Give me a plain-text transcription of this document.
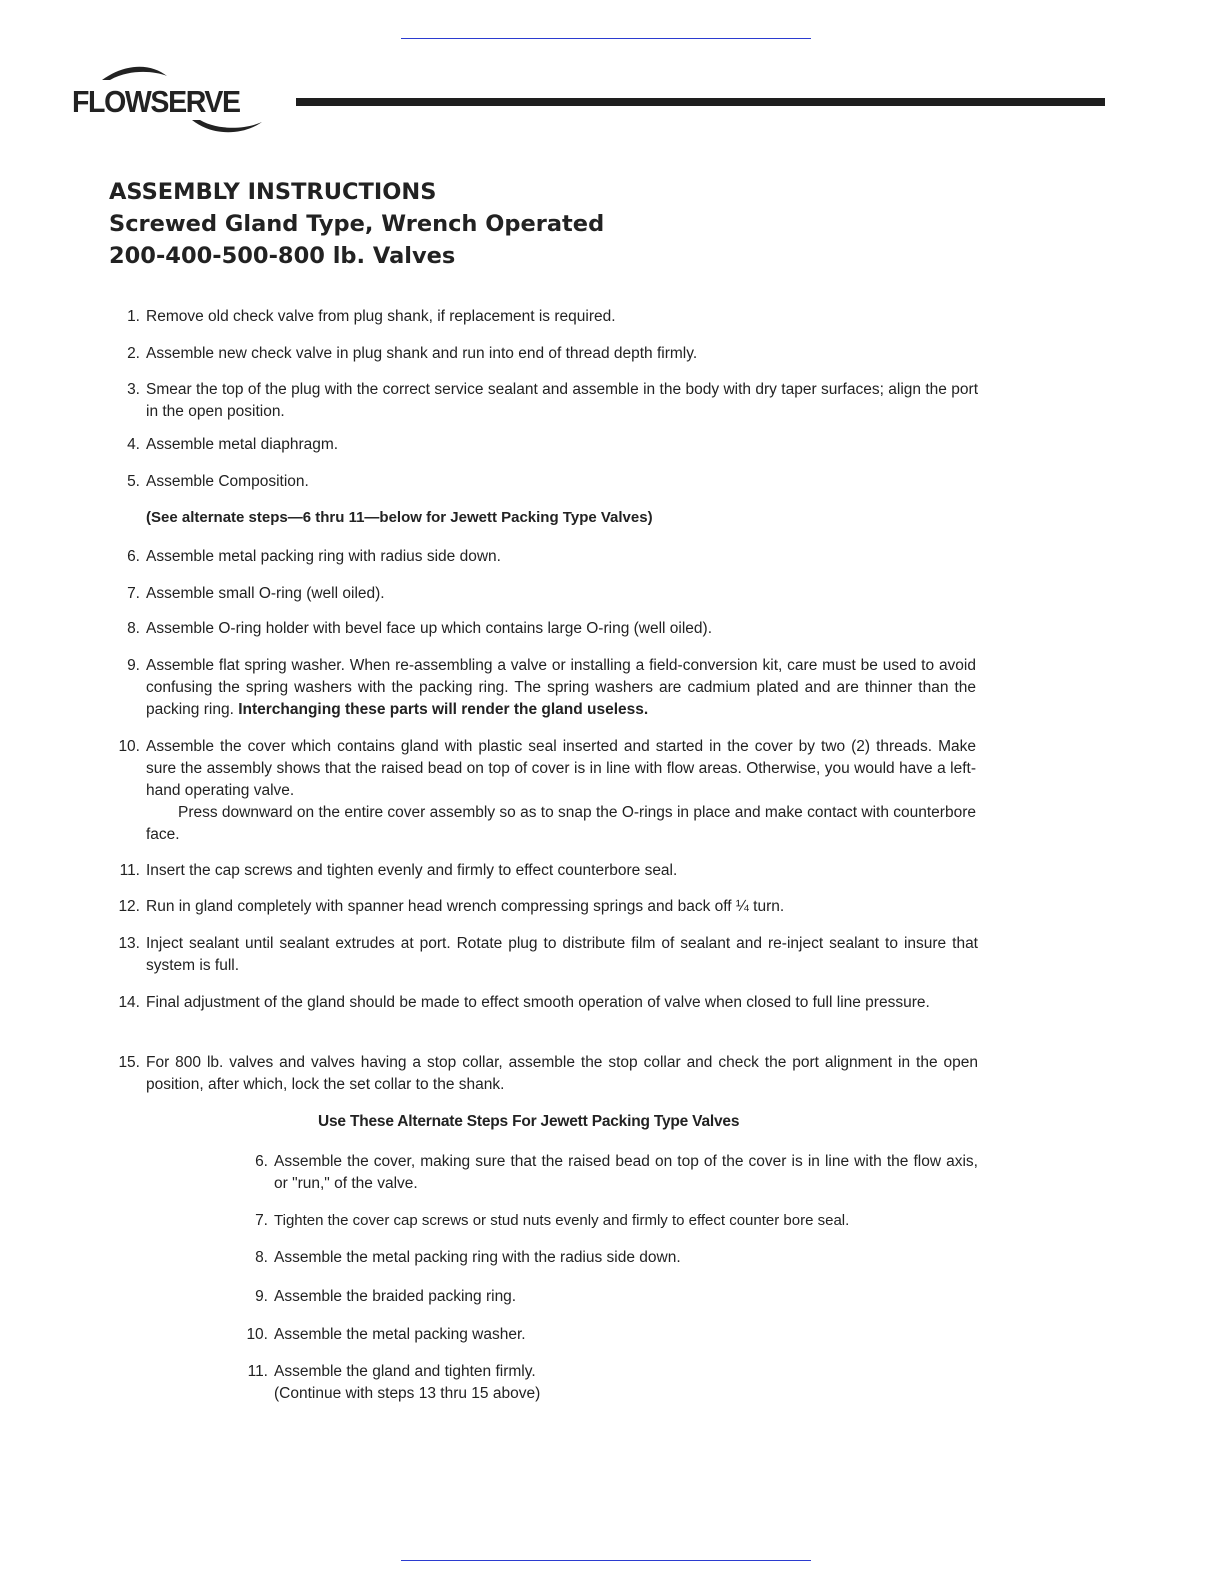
FLOWSERVE
ASSEMBLY INSTRUCTIONS
Screwed Gland Type, Wrench Operated
200-400-500-800 lb. Valves
1. Remove old check valve from plug shank, if replacement is required.
2. Assemble new check valve in plug shank and run into end of thread depth firmly.
3. Smear the top of the plug with the correct service sealant and assemble in the body with dry taper surfaces; align the port in the open position.
4. Assemble metal diaphragm.
5. Assemble Composition.
(See alternate steps—6 thru 11—below for Jewett Packing Type Valves)
6. Assemble metal packing ring with radius side down.
7. Assemble small O-ring (well oiled).
8. Assemble O-ring holder with bevel face up which contains large O-ring (well oiled).
9. Assemble flat spring washer. When re-assembling a valve or installing a field-conversion kit, care must be used to avoid confusing the spring washers with the packing ring. The spring washers are cadmium plated and are thinner than the packing ring. Interchanging these parts will render the gland useless.
10. Assemble the cover which contains gland with plastic seal inserted and started in the cover by two (2) threads. Make sure the assembly shows that the raised bead on top of cover is in line with flow areas. Otherwise, you would have a left-hand operating valve.
Press downward on the entire cover assembly so as to snap the O-rings in place and make contact with counterbore face.
11. Insert the cap screws and tighten evenly and firmly to effect counterbore seal.
12. Run in gland completely with spanner head wrench compressing springs and back off ¼ turn.
13. Inject sealant until sealant extrudes at port. Rotate plug to distribute film of sealant and re-inject sealant to insure that system is full.
14. Final adjustment of the gland should be made to effect smooth operation of valve when closed to full line pressure.
15. For 800 lb. valves and valves having a stop collar, assemble the stop collar and check the port alignment in the open position, after which, lock the set collar to the shank.
Use These Alternate Steps For Jewett Packing Type Valves
6. Assemble the cover, making sure that the raised bead on top of the cover is in line with the flow axis, or "run," of the valve.
7. Tighten the cover cap screws or stud nuts evenly and firmly to effect counter bore seal.
8. Assemble the metal packing ring with the radius side down.
9. Assemble the braided packing ring.
10. Assemble the metal packing washer.
11. Assemble the gland and tighten firmly.
(Continue with steps 13 thru 15 above)
